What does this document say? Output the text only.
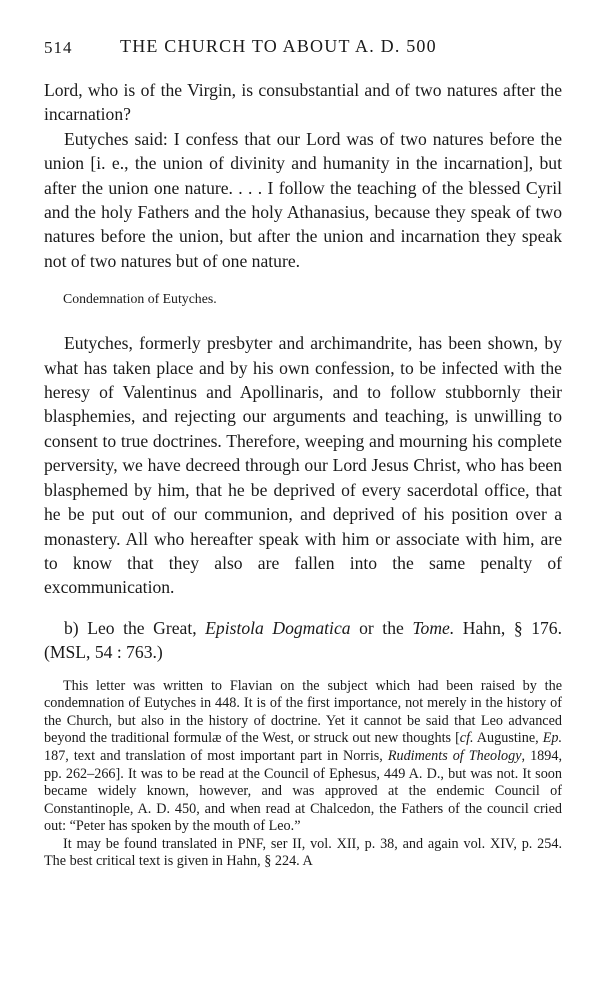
514	THE CHURCH TO ABOUT A. D. 500

Lord, who is of the Virgin, is consubstantial and of two natures after the incarnation?

Eutyches said: I confess that our Lord was of two natures before the union [i. e., the union of divinity and humanity in the incarnation], but after the union one nature. . . . I follow the teaching of the blessed Cyril and the holy Fathers and the holy Athanasius, because they speak of two natures before the union, but after the union and incarnation they speak not of two natures but of one nature.

Condemnation of Eutyches.

Eutyches, formerly presbyter and archimandrite, has been shown, by what has taken place and by his own confession, to be infected with the heresy of Valentinus and Apollinaris, and to follow stubbornly their blasphemies, and rejecting our arguments and teaching, is unwilling to consent to true doctrines. Therefore, weeping and mourning his complete perversity, we have decreed through our Lord Jesus Christ, who has been blasphemed by him, that he be deprived of every sacerdotal office, that he be put out of our communion, and deprived of his position over a monastery. All who hereafter speak with him or associate with him, are to know that they also are fallen into the same penalty of excommunication.

b) Leo the Great, Epistola Dogmatica or the Tome. Hahn, § 176. (MSL, 54 : 763.)

This letter was written to Flavian on the subject which had been raised by the condemnation of Eutyches in 448. It is of the first importance, not merely in the history of the Church, but also in the history of doctrine. Yet it cannot be said that Leo advanced beyond the traditional formulæ of the West, or struck out new thoughts [cf. Augustine, Ep. 187, text and translation of most important part in Norris, Rudiments of Theology, 1894, pp. 262–266]. It was to be read at the Council of Ephesus, 449 A. D., but was not. It soon became widely known, however, and was approved at the endemic Council of Constantinople, A. D. 450, and when read at Chalcedon, the Fathers of the council cried out: “Peter has spoken by the mouth of Leo.”

It may be found translated in PNF, ser II, vol. XII, p. 38, and again vol. XIV, p. 254. The best critical text is given in Hahn, § 224. A
